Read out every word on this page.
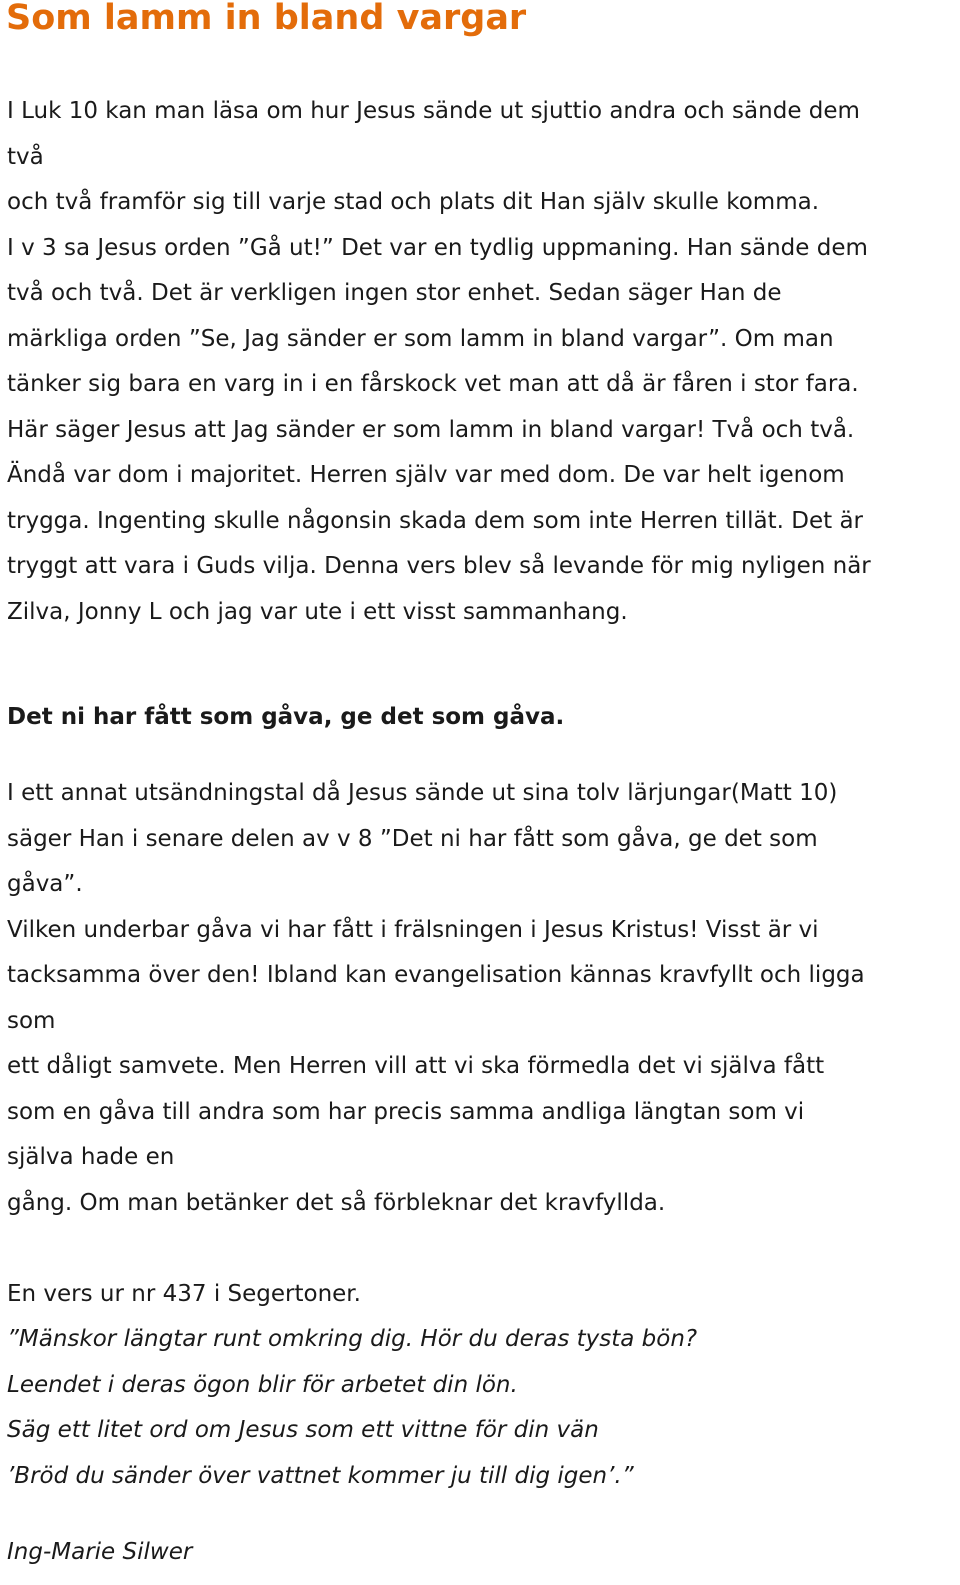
Som lamm in bland vargar

I Luk 10 kan man läsa om hur Jesus sände ut sjuttio andra och sände dem

två

och två framför sig till varje stad och plats dit Han själv skulle komma.

I v 3 sa Jesus orden ”Gå ut!” Det var en tydlig uppmaning. Han sände dem

två och två. Det är verkligen ingen stor enhet. Sedan säger Han de

märkliga orden ”Se, Jag sänder er som lamm in bland vargar”. Om man

tänker sig bara en varg in i en fårskock vet man att då är fåren i stor fara.

Här säger Jesus att Jag sänder er som lamm in bland vargar! Två och två.

Ändå var dom i majoritet. Herren själv var med dom. De var helt igenom

trygga. Ingenting skulle någonsin skada dem som inte Herren tillät. Det är

tryggt att vara i Guds vilja. Denna vers blev så levande för mig nyligen när

Zilva, Jonny L och jag var ute i ett visst sammanhang.

Det ni har fått som gåva, ge det som gåva.

I ett annat utsändningstal då Jesus sände ut sina tolv lärjungar(Matt 10)

säger Han i senare delen av v 8 ”Det ni har fått som gåva, ge det som

gåva”.

Vilken underbar gåva vi har fått i frälsningen i Jesus Kristus! Visst är vi

tacksamma över den! Ibland kan evangelisation kännas kravfyllt och ligga

som

ett dåligt samvete. Men Herren vill att vi ska förmedla det vi själva fått

som en gåva till andra som har precis samma andliga längtan som vi

själva hade en

gång. Om man betänker det så förbleknar det kravfyllda.

En vers ur nr 437 i Segertoner.

”Mänskor längtar runt omkring dig. Hör du deras tysta bön?

Leendet i deras ögon blir för arbetet din lön.

Säg ett litet ord om Jesus som ett vittne för din vän

’Bröd du sänder över vattnet kommer ju till dig igen’.”

Ing-Marie Silwer
